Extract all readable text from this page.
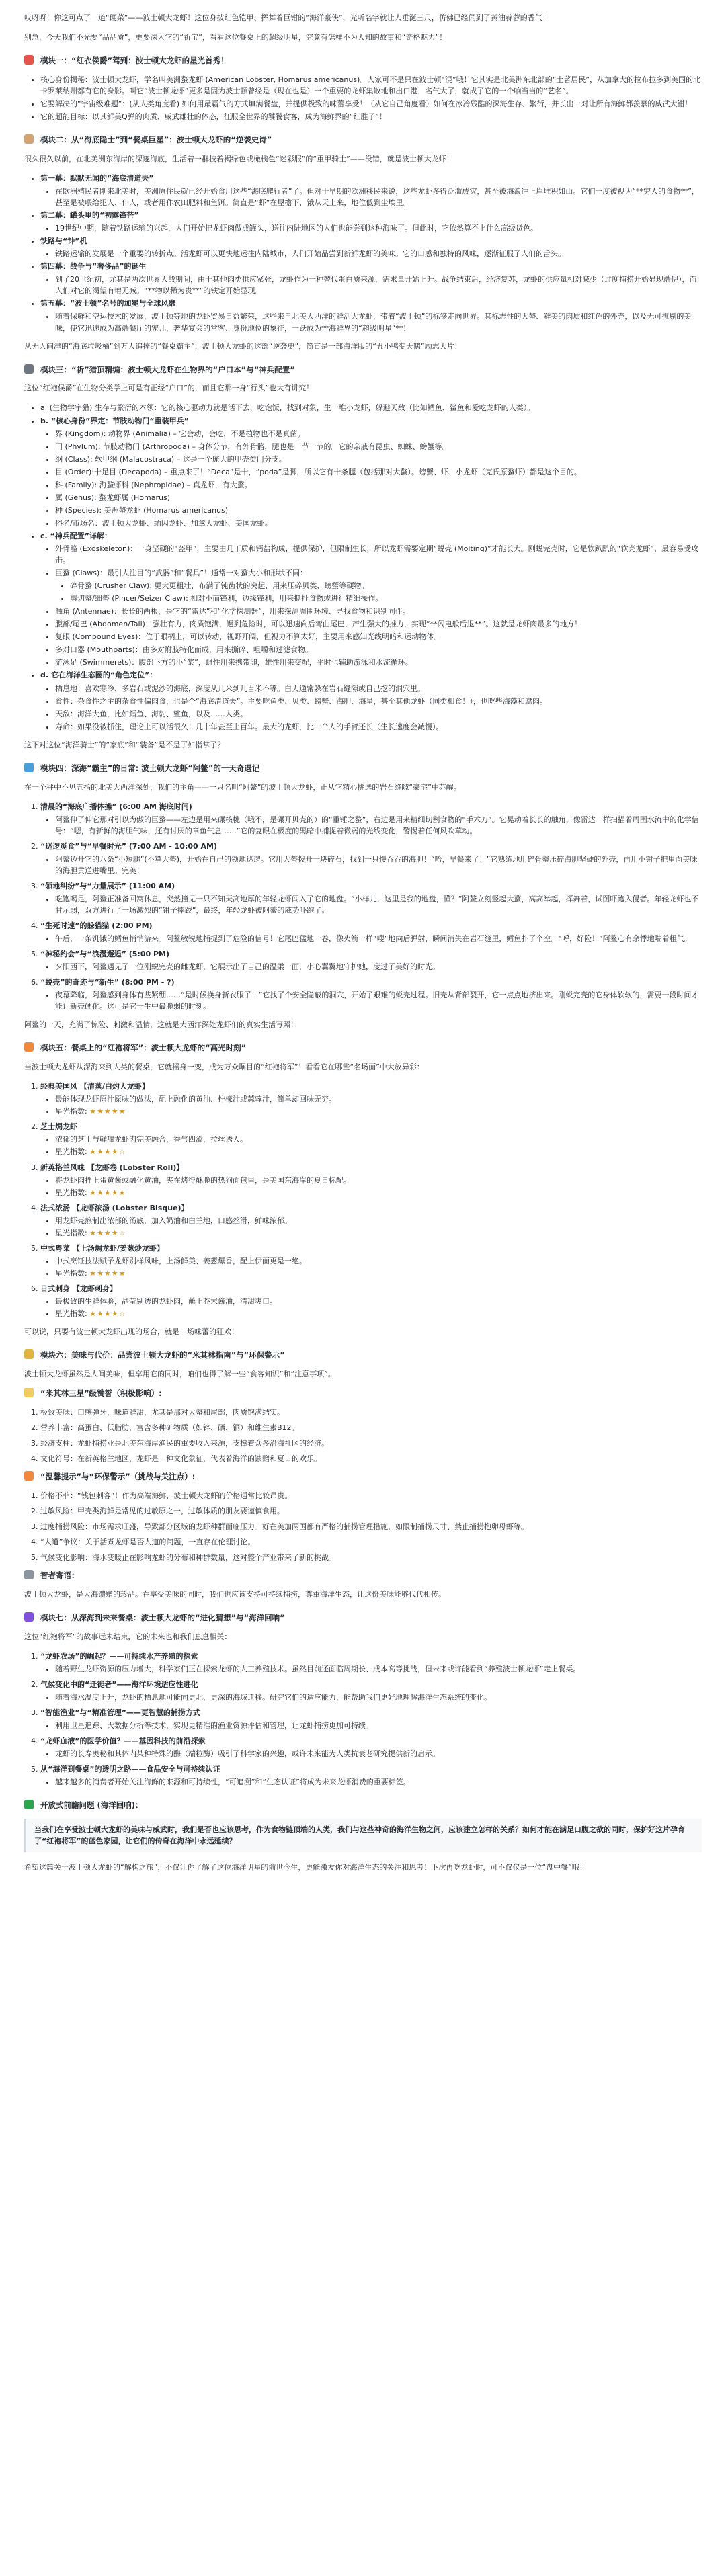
哎呀呀！你这可点了一道“硬菜”——波士顿大龙虾！这位身披红色铠甲、挥舞着巨钳的“海洋豪侠”，光听名字就让人垂涎三尺，仿佛已经闻到了黄油蒜蓉的香气！

别急，今天我们不光要“品品质”，更要深入它的“祈宝”，看看这位餐桌上的超级明星，究竟有怎样不为人知的故事和“奇格魅力”！

模块一：“红衣侯爵”驾到：波士顿大龙虾的星光首秀！
• 核心身份揭秘：波士顿大龙虾，学名叫美洲螯龙虾 (American Lobster, Homarus americanus)。人家可不是只在波士顿“混”哦！它其实是北美洲东北部的“土著居民”，从加拿大的拉布拉多到美国的北卡罗莱纳州都有它的身影。叫它“波士顿龙虾”更多是因为波士顿曾经是（现在也是）一个重要的龙虾集散地和出口港，名气大了，就成了它的一个响当当的“艺名”。
• 它要解决的“宇宙级难题”：(从人类角度看) 如何用最霸气的方式填满餐盘，并提供极致的味蕾享受！（从它自己角度看）如何在冰冷残酷的深海生存、繁衍，并长出一对让所有海鲜都羡慕的威武大钳！
• 它的超能目标：以其鲜美Q弹的肉质、威武雄壮的体态，征服全世界的饕餮食客，成为海鲜界的“红胜子”！
模块二：从“海底隐士”到“餐桌巨星”：波士顿大龙虾的“逆袭史诗”

很久很久以前，在北美洲东海岸的深邃海底，生活着一群披着褐绿色或橄榄色“迷彩服”的“重甲骑士”——没错，就是波士顿大龙虾！

• 第一幕：默默无闻的“海底清道夫”
• 在欧洲殖民者刚来北美时，美洲原住民就已经开始食用这些“海底爬行者”了。但对于早期的欧洲移民来说，这些龙虾多得泛滥成灾，甚至被海浪冲上岸堆积如山。它们一度被视为“**穷人的食物**”，甚至是被喂给犯人、仆人，或者用作农田肥料和鱼饵。简直是“虾”在屋檐下，饿从天上来，地位低到尘埃里。
• 第二幕：罐头里的“初露锋芒”
• 19世纪中期，随着铁路运输的兴起，人们开始把龙虾肉做成罐头，送往内陆地区的人们也能尝到这种海味了。但此时，它依然算不上什么高级货色。
• 铁路与“钟”机
• 铁路运输的发展是一个重要的转折点。活龙虾可以更快地运往内陆城市，人们开始品尝到新鲜龙虾的美味。它的口感和独特的风味，逐渐征服了人们的舌头。
• 第四幕：战争与“奢侈品”的诞生
• 到了20世纪初，尤其是两次世界大战期间，由于其他肉类供应紧张，龙虾作为一种替代蛋白质来源，需求量开始上升。战争结束后，经济复苏，龙虾的供应量相对减少（过度捕捞开始显现端倪），而人们对它的渴望有增无减。“**物以稀为贵**”的铁定开始显现。
• 第五幕：“波士顿”名号的加冕与全球风靡
• 随着保鲜和空运技术的发展，波士顿等地的龙虾贸易日益繁荣，这些来自北美大西洋的鲜活大龙虾，带着“波士顿”的标签走向世界。其标志性的大螯、鲜美的肉质和红色的外壳，以及无可挑剔的美味，使它迅速成为高端餐厅的宠儿，奢华宴会的常客、身份地位的象征，一跃成为**海鲜界的“超级明星”**！

从无人问津的“海底垃圾桶”到万人追捧的“餐桌霸主”，波士顿大龙虾的这部“逆袭史”，简直是一部海洋版的“丑小鸭变天鹅”励志大片！

模块三：“祈”猎顶精编：波士顿大龙虾在生物界的“户口本”与“神兵配置”

这位“红袍侯爵”在生物分类学上可是有正经“户口”的，而且它那一身“行头”也大有讲究！

• a. (生物学宇猎) 生存与繁衍的本领：它的核心驱动力就是活下去，吃饱饭，找到对象，生一堆小龙虾，躲避天敌（比如鳕鱼、鲨鱼和爱吃龙虾的人类）。
• b. “核心身份”界定：节肢动物门“重装甲兵”
• 界 (Kingdom): 动物界 (Animalia) – 它会动，会吃，不是植物也不是真菌。
• 门 (Phylum): 节肢动物门 (Arthropoda) – 身体分节，有外骨骼，腿也是一节一节的。它的亲戚有昆虫、蜘蛛、螃蟹等。
• 纲 (Class): 软甲纲 (Malacostraca) – 这是一个庞大的甲壳类门分支。
• 目 (Order):十足目 (Decapoda) – 重点来了！“Deca”是十，“poda”是脚，所以它有十条腿（包括那对大螯）。螃蟹、虾、小龙虾（克氏原螯虾）都是这个目的。
• 科 (Family): 海螯虾科 (Nephropidae) – 真龙虾，有大螯。
• 属 (Genus): 螯龙虾属 (Homarus)
• 种 (Species): 美洲螯龙虾 (Homarus americanus)
• 俗名/市场名：波士顿大龙虾、缅因龙虾、加拿大龙虾、美国龙虾。
• c. “神兵配置”详解：
• 外骨骼 (Exoskeleton)：一身坚硬的“盔甲”，主要由几丁质和钙盐构成，提供保护，但限制生长，所以龙虾需要定期“蜕壳 (Molting)”才能长大。刚蜕完壳时，它是软趴趴的“软壳龙虾”，最容易受攻击。
• 巨螯 (Claws)：最引人注目的“武器”和“餐具”！通常一对螯大小和形状不同：
• 碎骨螯 (Crusher Claw): 更大更粗壮，布满了钝齿状的突起，用来压碎贝类、螃蟹等硬物。
• 剪切螯/细螯 (Pincer/Seizer Claw): 相对小而锋利，边缘锋利，用来撕扯食物或进行精细操作。
• 触角 (Antennae)：长长的两根，是它的“雷达”和“化学探测器”，用来探测周围环境、寻找食物和识别同伴。
• 腹部/尾巴 (Abdomen/Tail)：强壮有力，肉质饱满，遇到危险时，可以迅速向后弯曲尾巴，产生强大的推力，实现“**闪电般后退**”。这就是龙虾肉最多的地方！
• 复眼 (Compound Eyes)：位于眼柄上，可以转动，视野开阔，但视力不算太好，主要用来感知光线明暗和运动物体。
• 多对口器 (Mouthparts)：由多对附肢特化而成，用来撕碎、咀嚼和过滤食物。
• 游泳足 (Swimmerets)：腹部下方的小“桨”，雌性用来携带卵，雄性用来交配，平时也辅助游泳和水流循环。
• d. 它在海洋生态圈的“角色定位”：
• 栖息地：喜欢寒冷、多岩石或泥沙的海底，深度从几米到几百米不等。白天通常躲在岩石缝隙或自己挖的洞穴里。
• 食性：杂食性之主的杂食性偏肉食，也是个“海底清道夫”。主要吃鱼类、贝类、螃蟹、海胆、海星，甚至其他龙虾（同类相食！），也吃些海藻和腐肉。
• 天敌：海洋大鱼，比如鳕鱼、海豹、鲨鱼，以及……人类。
• 寿命：如果没被抓住，理论上可以活很久！几十年甚至上百年。最大的龙虾，比一个人的手臂还长（生长速度会减慢）。

这下对这位“海洋骑士”的“家底”和“装备”是不是了如指掌了？

模块四：深海“霸主”的日常: 波士顿大龙虾“阿鳌”的一天奇遇记

在一个秤中不见五指的北美大西洋深处，我们的主角——一只名叫“阿鳌”的波士顿大龙虾，正从它精心挑选的岩石缝隙“豪宅”中苏醒。

1. 清晨的“海底广播体操” (6:00 AM 海底时间)
• 阿鳌伸了伸它那对引以为傲的巨螯——左边是用来碾核桃（哦不，是碾开贝壳的）的“重锤之螯”，右边是用来精细切割食物的“手术刀”。它晃动着长长的触角，像雷达一样扫描着周围水流中的化学信号：“嗯，有新鲜的海胆气味，还有讨厌的章鱼气息……”它的复眼在极度的黑暗中捕捉着微弱的光线变化，警惕着任何风吹草动。
2. “巡逻觅食”与“早餐时光” (7:00 AM - 10:00 AM)
• 阿鳌迈开它的八条“小短腿”(不算大螯)，开始在自己的领地巡逻。它用大螯拨开一块碎石，找到一只慢吞吞的海胆！“哈，早餐来了！”它熟练地用碎骨螯压碎海胆坚硬的外壳，再用小钳子把里面美味的海胆黄送进嘴里。完美！
3. “领地纠纷”与“力量展示” (11:00 AM)
• 吃饱喝足，阿鳌正准备回窝休息，突然撞见一只不知天高地厚的年轻龙虾闯入了它的地盘。“小样儿，这里是我的地盘，懂？”阿鳌立刻竖起大螯，高高举起，挥舞着，试图吓跑入侵者。年轻龙虾也不甘示弱，双方进行了一场激烈的“钳子摔跤”，最终，年轻龙虾被阿鳌的威势吓跑了。
4. “生死时速”的躲猫猫 (2:00 PM)
• 午后，一条饥饿的鳕鱼悄悄游来。阿鳌敏锐地捕捉到了危险的信号！它尾巴猛地一卷，像火箭一样“嗖”地向后弹射，瞬间消失在岩石缝里，鳕鱼扑了个空。“呼，好险！”阿鳌心有余悸地喘着粗气。
5. “神秘约会”与“浪漫邂逅” (5:00 PM)
• 夕阳西下，阿鳌遇见了一位刚蜕完壳的雌龙虾，它展示出了自己的温柔一面，小心翼翼地守护她，度过了美好的时光。
6. “蜕壳”的奇迹与“新生” (8:00 PM - ?)
• 夜幕降临，阿鳌感到身体有些紧绷……“是时候换身新衣服了！”它找了个安全隐蔽的洞穴，开始了艰难的蜕壳过程。旧壳从背部裂开，它一点点地挤出来。刚蜕完壳的它身体软软的，需要一段时间才能让新壳硬化。这可是它一生中最脆弱的时刻。

阿鳌的一天，充满了惊险、刺激和温情，这就是大西洋深处龙虾们的真实生活写照！

模块五：餐桌上的“红袍将军”：波士顿大龙虾的“高光时刻”

当波士顿大龙虾从深海来到人类的餐桌，它就摇身一变，成为万众瞩目的“红袍将军”！看看它在哪些“名场面”中大放异彩：

1. 经典美国风 【清蒸/白灼大龙虾】
• 最能体现龙虾原汁原味的做法，配上融化的黄油、柠檬汁或蒜蓉汁，简单却回味无穷。
• 星光指数: ★★★★★
2. 芝士焗龙虾
• 浓郁的芝士与鲜甜龙虾肉完美融合，香气四溢，拉丝诱人。
• 星光指数: ★★★★☆
3. 新英格兰风味 【龙虾卷 (Lobster Roll)】
• 将龙虾肉拌上蛋黄酱或融化黄油，夹在烤得酥脆的热狗面包里，是美国东海岸的夏日标配。
• 星光指数: ★★★★★
4. 法式浓汤 【龙虾浓汤 (Lobster Bisque)】
• 用龙虾壳熬制出浓郁的汤底，加入奶油和白兰地，口感丝滑，鲜味浓郁。
• 星光指数: ★★★★☆
5. 中式粤菜 【上汤焗龙虾/姜葱炒龙虾】
• 中式烹饪技法赋予龙虾别样风味，上汤鲜美、姜葱爆香，配上伊面更是一绝。
• 星光指数: ★★★★★
6. 日式刺身 【龙虾刺身】
• 最极致的生鲜体验，晶莹剔透的龙虾肉，蘸上芥末酱油，清甜爽口。
• 星光指数: ★★★★☆

可以说，只要有波士顿大龙虾出现的场合，就是一场味蕾的狂欢！

模块六：美味与代价：品尝波士顿大龙虾的“米其林指南”与“环保警示”

波士顿大龙虾虽然是人间美味，但享用它的同时，咱们也得了解一些“食客知识”和“注意事项”。

“米其林三星”级赞誉（积极影响）:
1. 极致美味：口感弹牙，味道鲜甜，尤其是那对大螯和尾部，肉质饱满结实。
2. 营养丰富：高蛋白、低脂肪，富含多种矿物质（如锌、硒、铜）和维生素B12。
3. 经济支柱：龙虾捕捞业是北美东海岸渔民的重要收入来源，支撑着众多沿海社区的经济。
4. 文化符号：在新英格兰地区，龙虾是一种文化象征，代表着海洋的馈赠和夏日的欢乐。
“温馨提示”与“环保警示”（挑战与关注点）:
1. 价格不菲：“钱包刺客”！作为高端海鲜，波士顿大龙虾的价格通常比较昂贵。
2. 过敏风险：甲壳类海鲜是常见的过敏原之一，过敏体质的朋友要谨慎食用。
3. 过度捕捞风险：市场需求旺盛，导致部分区域的龙虾种群面临压力。好在美加两国都有严格的捕捞管理措施，如限制捕捞尺寸、禁止捕捞抱卵母虾等。
4. “人道”争议：关于活煮龙虾是否人道的问题，一直存在伦理讨论。
5. 气候变化影响：海水变暖正在影响龙虾的分布和种群数量，这对整个产业带来了新的挑战。
智者寄语：

波士顿大龙虾，是大海馈赠的珍品。在享受美味的同时，我们也应该支持可持续捕捞，尊重海洋生态，让这份美味能够代代相传。

模块七：从深海到未来餐桌：波士顿大龙虾的“进化猜想”与“海洋回响”

这位“红袍将军”的故事远未结束，它的未来也和我们息息相关：

1. “龙虾农场”的崛起？——可持续水产养殖的探索
• 随着野生龙虾资源的压力增大，科学家们正在探索龙虾的人工养殖技术。虽然目前还面临周期长、成本高等挑战，但未来或许能看到“养殖波士顿龙虾”走上餐桌。
2. 气候变化中的“迁徙者”——海洋环境适应性进化
• 随着海水温度上升，龙虾的栖息地可能向更北、更深的海域迁移。研究它们的适应能力，能帮助我们更好地理解海洋生态系统的变化。
3. “智能渔业”与“精准管理”——更智慧的捕捞方式
• 利用卫星追踪、大数据分析等技术，实现更精准的渔业资源评估和管理，让龙虾捕捞更加可持续。
4. “龙虾血液”的医学价值？——基因科技的前沿探索
• 龙虾的长寿奥秘和其体内某种特殊的酶（端粒酶）吸引了科学家的兴趣，或许未来能为人类抗衰老研究提供新的启示。
5. 从“海洋到餐桌”的透明之路——食品安全与可持续认证
• 越来越多的消费者开始关注海鲜的来源和可持续性，“可追溯”和“生态认证”将成为未来龙虾消费的重要标签。
开放式前瞻问题 (海洋回响)：
当我们在享受波士顿大龙虾的美味与威武时，我们是否也应该思考，作为食物链顶端的人类，我们与这些神奇的海洋生物之间，应该建立怎样的关系？如何才能在满足口腹之欲的同时，保护好这片孕育了“红袍将军”的蓝色家园，让它们的传奇在海洋中永远延续？

希望这篇关于波士顿大龙虾的“解构之旅”，不仅让你了解了这位海洋明星的前世今生，更能激发你对海洋生态的关注和思考！下次再吃龙虾时，可不仅仅是一位“盘中餐”哦！
